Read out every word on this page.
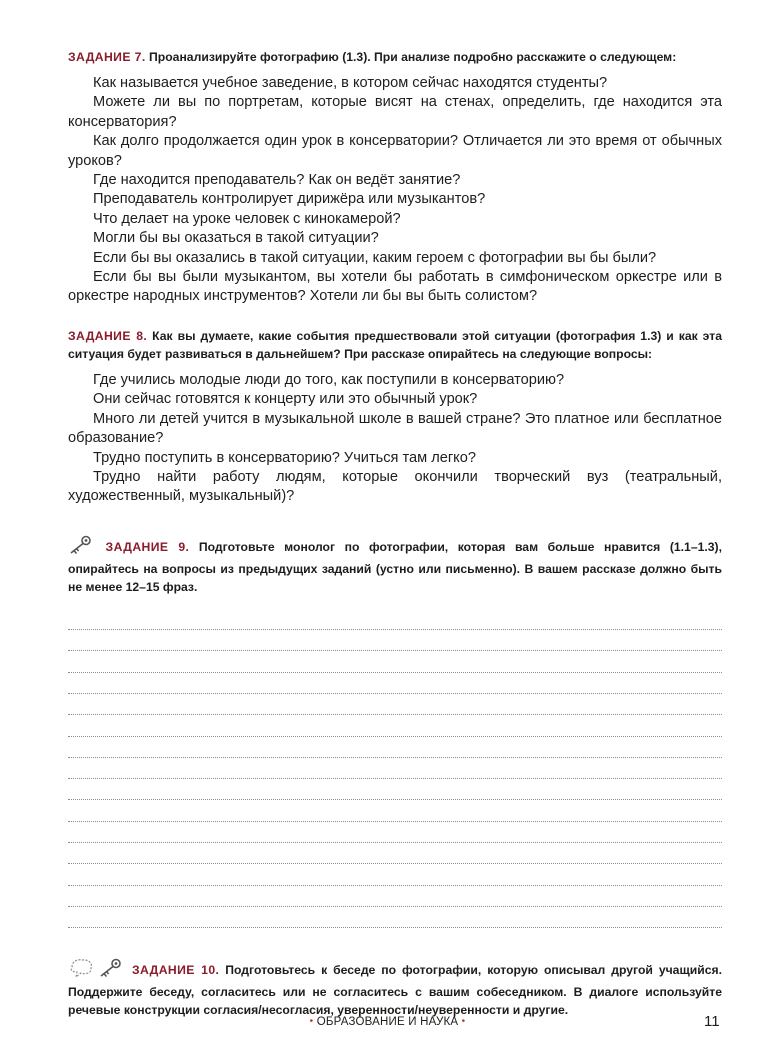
ЗАДАНИЕ 7. Проанализируйте фотографию (1.3). При анализе подробно расскажите о следующем:

Как называется учебное заведение, в котором сейчас находятся студенты?

Можете ли вы по портретам, которые висят на стенах, определить, где находится эта консерватория?

Как долго продолжается один урок в консерватории? Отличается ли это время от обычных уроков?

Где находится преподаватель? Как он ведёт занятие?

Преподаватель контролирует дирижёра или музыкантов?

Что делает на уроке человек с кинокамерой?

Могли бы вы оказаться в такой ситуации?

Если бы вы оказались в такой ситуации, каким героем с фотографии вы бы были?

Если бы вы были музыкантом, вы хотели бы работать в симфоническом оркестре или в оркестре народных инструментов? Хотели ли бы вы быть солистом?

ЗАДАНИЕ 8. Как вы думаете, какие события предшествовали этой ситуации (фотография 1.3) и как эта ситуация будет развиваться в дальнейшем? При рассказе опирайтесь на следующие вопросы:

Где учились молодые люди до того, как поступили в консерваторию?

Они сейчас готовятся к концерту или это обычный урок?

Много ли детей учится в музыкальной школе в вашей стране? Это платное или бесплатное образование?

Трудно поступить в консерваторию? Учиться там легко?

Трудно найти работу людям, которые окончили творческий вуз (театральный, художественный, музыкальный)?

ЗАДАНИЕ 9. Подготовьте монолог по фотографии, которая вам больше нравится (1.1–1.3), опирайтесь на вопросы из предыдущих заданий (устно или письменно). В вашем рассказе должно быть не менее 12–15 фраз.
ЗАДАНИЕ 10. Подготовьтесь к беседе по фотографии, которую описывал другой учащийся. Поддержите беседу, согласитесь или не согласитесь с вашим собеседником. В диалоге используйте речевые конструкции согласия/несогласия, уверенности/неуверенности и другие.
• ОБРАЗОВАНИЕ И НАУКА •	11
